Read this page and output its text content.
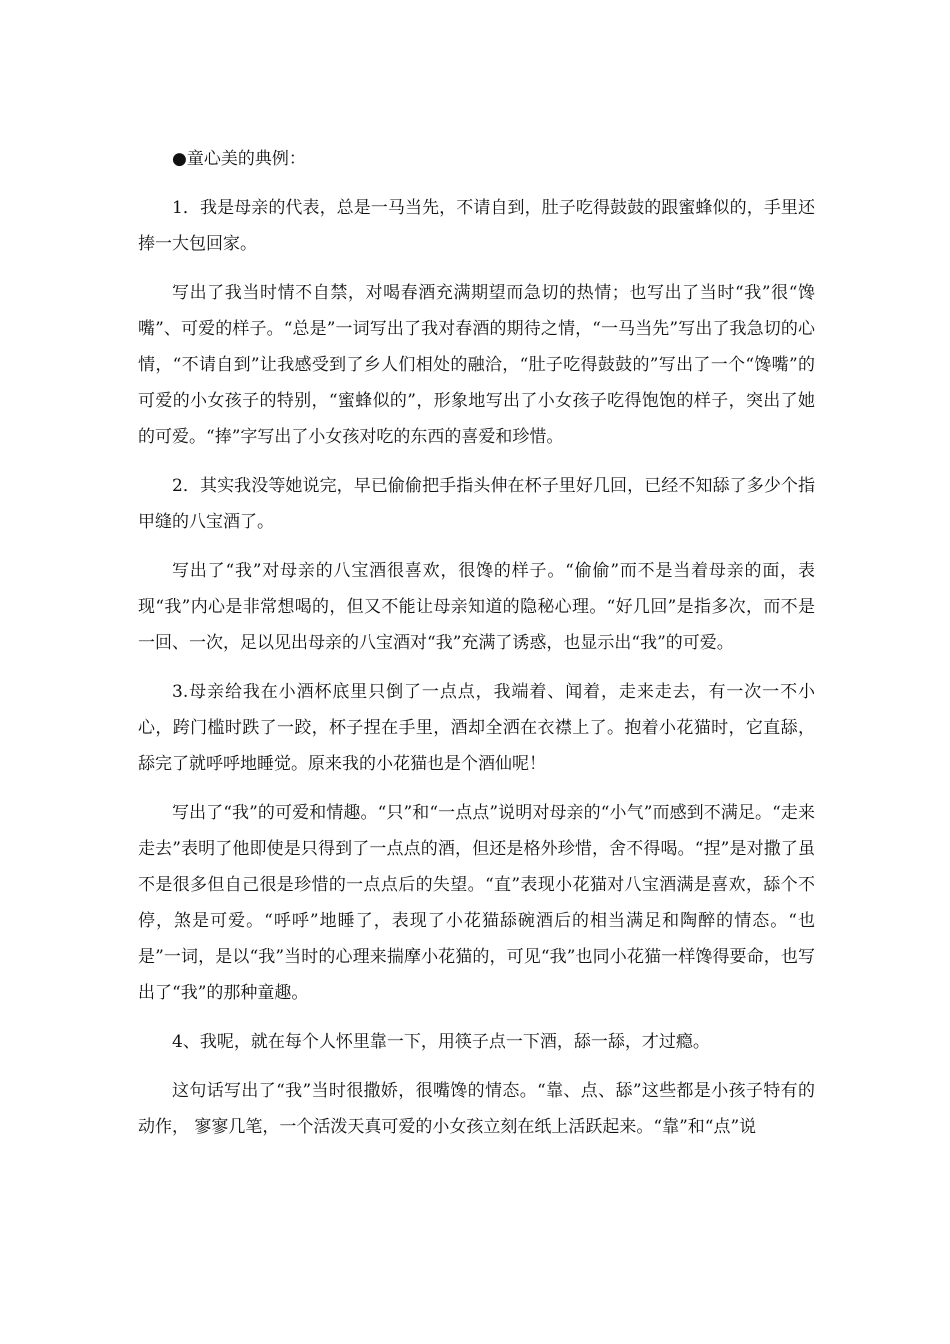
●童心美的典例：

1．我是母亲的代表，总是一马当先，不请自到，肚子吃得鼓鼓的跟蜜蜂似的，手里还捧一大包回家。

写出了我当时情不自禁，对喝春酒充满期望而急切的热情；也写出了当时“我”很“馋嘴”、可爱的样子。“总是”一词写出了我对春酒的期待之情，“一马当先”写出了我急切的心情，“不请自到”让我感受到了乡人们相处的融洽，“肚子吃得鼓鼓的”写出了一个“馋嘴”的可爱的小女孩子的特别，“蜜蜂似的”，形象地写出了小女孩子吃得饱饱的样子，突出了她的可爱。“捧”字写出了小女孩对吃的东西的喜爱和珍惜。

2．其实我没等她说完，早已偷偷把手指头伸在杯子里好几回，已经不知舔了多少个指甲缝的八宝酒了。

写出了“我”对母亲的八宝酒很喜欢，很馋的样子。“偷偷”而不是当着母亲的面，表现“我”内心是非常想喝的，但又不能让母亲知道的隐秘心理。“好几回”是指多次，而不是一回、一次，足以见出母亲的八宝酒对“我”充满了诱惑，也显示出“我”的可爱。

3.母亲给我在小酒杯底里只倒了一点点，我端着、闻着，走来走去，有一次一不小心，跨门槛时跌了一跤，杯子捏在手里，酒却全洒在衣襟上了。抱着小花猫时，它直舔，舔完了就呼呼地睡觉。原来我的小花猫也是个酒仙呢！

写出了“我”的可爱和情趣。“只”和“一点点”说明对母亲的“小气”而感到不满足。“走来走去”表明了他即使是只得到了一点点的酒，但还是格外珍惜，舍不得喝。“捏”是对撒了虽不是很多但自己很是珍惜的一点点后的失望。“直”表现小花猫对八宝酒满是喜欢，舔个不停，煞是可爱。“呼呼”地睡了，表现了小花猫舔碗酒后的相当满足和陶醉的情态。“也是”一词，是以“我”当时的心理来揣摩小花猫的，可见“我”也同小花猫一样馋得要命，也写出了“我”的那种童趣。

4、我呢，就在每个人怀里靠一下，用筷子点一下酒，舔一舔，才过瘾。

这句话写出了“我”当时很撒娇，很嘴馋的情态。“靠、点、舔”这些都是小孩子特有的动作， 寥寥几笔，一个活泼天真可爱的小女孩立刻在纸上活跃起来。“靠”和“点”说
